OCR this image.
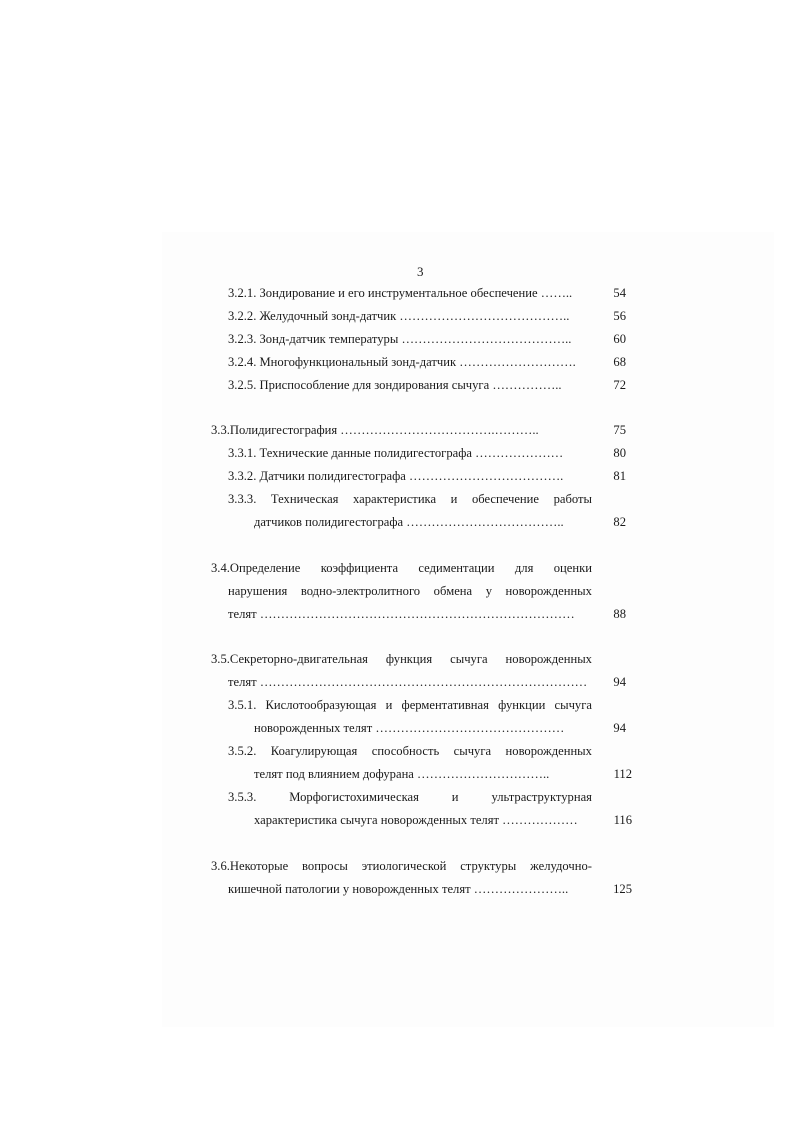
3
3.2.1. Зондирование и его инструментальное обеспечение ……..	54
3.2.2. Желудочный зонд-датчик …………………………………..	56
3.2.3. Зонд-датчик температуры …………………………………..	60
3.2.4. Многофункциональный зонд-датчик ……………………….	68
3.2.5. Приспособление для зондирования сычуга ……………..	72
3.3.Полидигестография ……………………………….………..	75
3.3.1. Технические данные полидигестографа …………………	80
3.3.2. Датчики полидигестографа ……………………………….	81
3.3.3. Техническая характеристика и обеспечение работы
датчиков полидигестографа ………………………………..	82
3.4.Определение коэффициента седиментации для оценки
нарушения водно-электролитного обмена у новорожденных
телят …………………………………………………………………	88
3.5.Секреторно-двигательная функция сычуга новорожденных
телят ……………………………………………………………………	94
3.5.1. Кислотообразующая и ферментативная функции сычуга
новорожденных телят ………………………………………	94
3.5.2. Коагулирующая способность сычуга новорожденных
телят под влиянием дофурана …………………………..	112
3.5.3.	Морфогистохимическая	и	ультраструктурная
характеристика сычуга новорожденных телят ………………	116
3.6.Некоторые вопросы этиологической структуры желудочно-
кишечной патологии у новорожденных телят …………………..	125
